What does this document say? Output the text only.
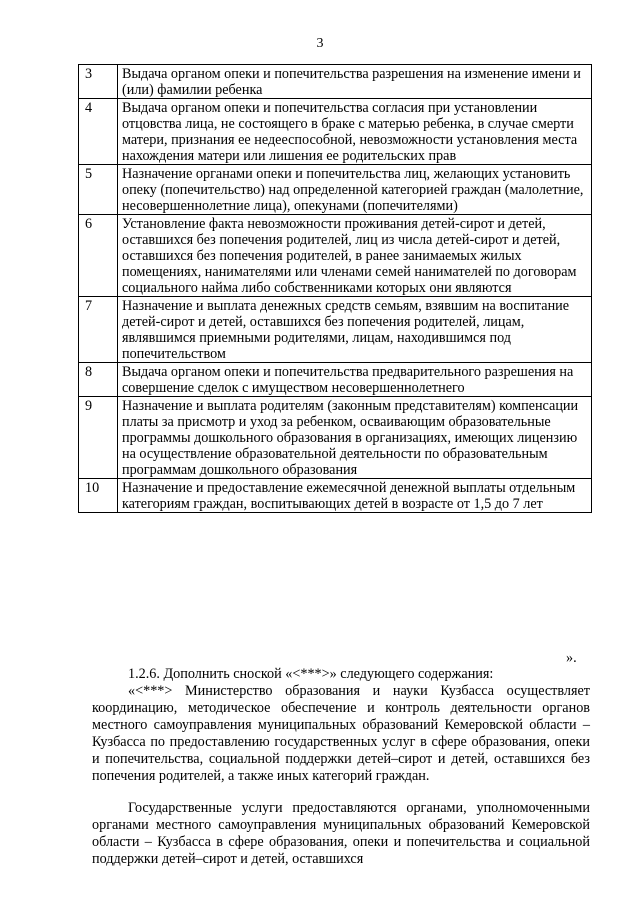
3
3	Выдача органом опеки и попечительства разрешения на изменение имени и (или) фамилии ребенка
4	Выдача органом опеки и попечительства согласия при установлении отцовства лица, не состоящего в браке с матерью ребенка, в случае смерти матери, признания ее недееспособной, невозможности установления места нахождения матери или лишения ее родительских прав
5	Назначение органами опеки и попечительства лиц, желающих установить опеку (попечительство) над определенной категорией граждан (малолетние, несовершеннолетние лица), опекунами (попечителями)
6	Установление факта невозможности проживания детей-сирот и детей, оставшихся без попечения родителей, лиц из числа детей-сирот и детей, оставшихся без попечения родителей, в ранее занимаемых жилых помещениях, нанимателями или членами семей нанимателей по договорам социального найма либо собственниками которых они являются
7	Назначение и выплата денежных средств семьям, взявшим на воспитание детей-сирот и детей, оставшихся без попечения родителей, лицам, являвшимся приемными родителями, лицам, находившимся под попечительством
8	Выдача органом опеки и попечительства предварительного разрешения на совершение сделок с имуществом несовершеннолетнего
9	Назначение и выплата родителям (законным представителям) компенсации платы за присмотр и уход за ребенком, осваивающим образовательные программы дошкольного образования в организациях, имеющих лицензию на осуществление образовательной деятельности по образовательным программам дошкольного образования
10	Назначение и предоставление ежемесячной денежной выплаты отдельным категориям граждан, воспитывающих детей в возрасте от 1,5 до 7 лет
».

1.2.6. Дополнить сноской «<***>» следующего содержания:

«<***> Министерство образования и науки Кузбасса осуществляет координацию, методическое обеспечение и контроль деятельности органов местного самоуправления муниципальных образований Кемеровской области – Кузбасса по предоставлению государственных услуг в сфере образования, опеки и попечительства, социальной поддержки детей–сирот и детей, оставшихся без попечения родителей, а также иных категорий граждан.

Государственные услуги предоставляются органами, уполномоченными органами местного самоуправления муниципальных образований Кемеровской области – Кузбасса в сфере образования, опеки и попечительства и социальной поддержки детей–сирот и детей, оставшихся
